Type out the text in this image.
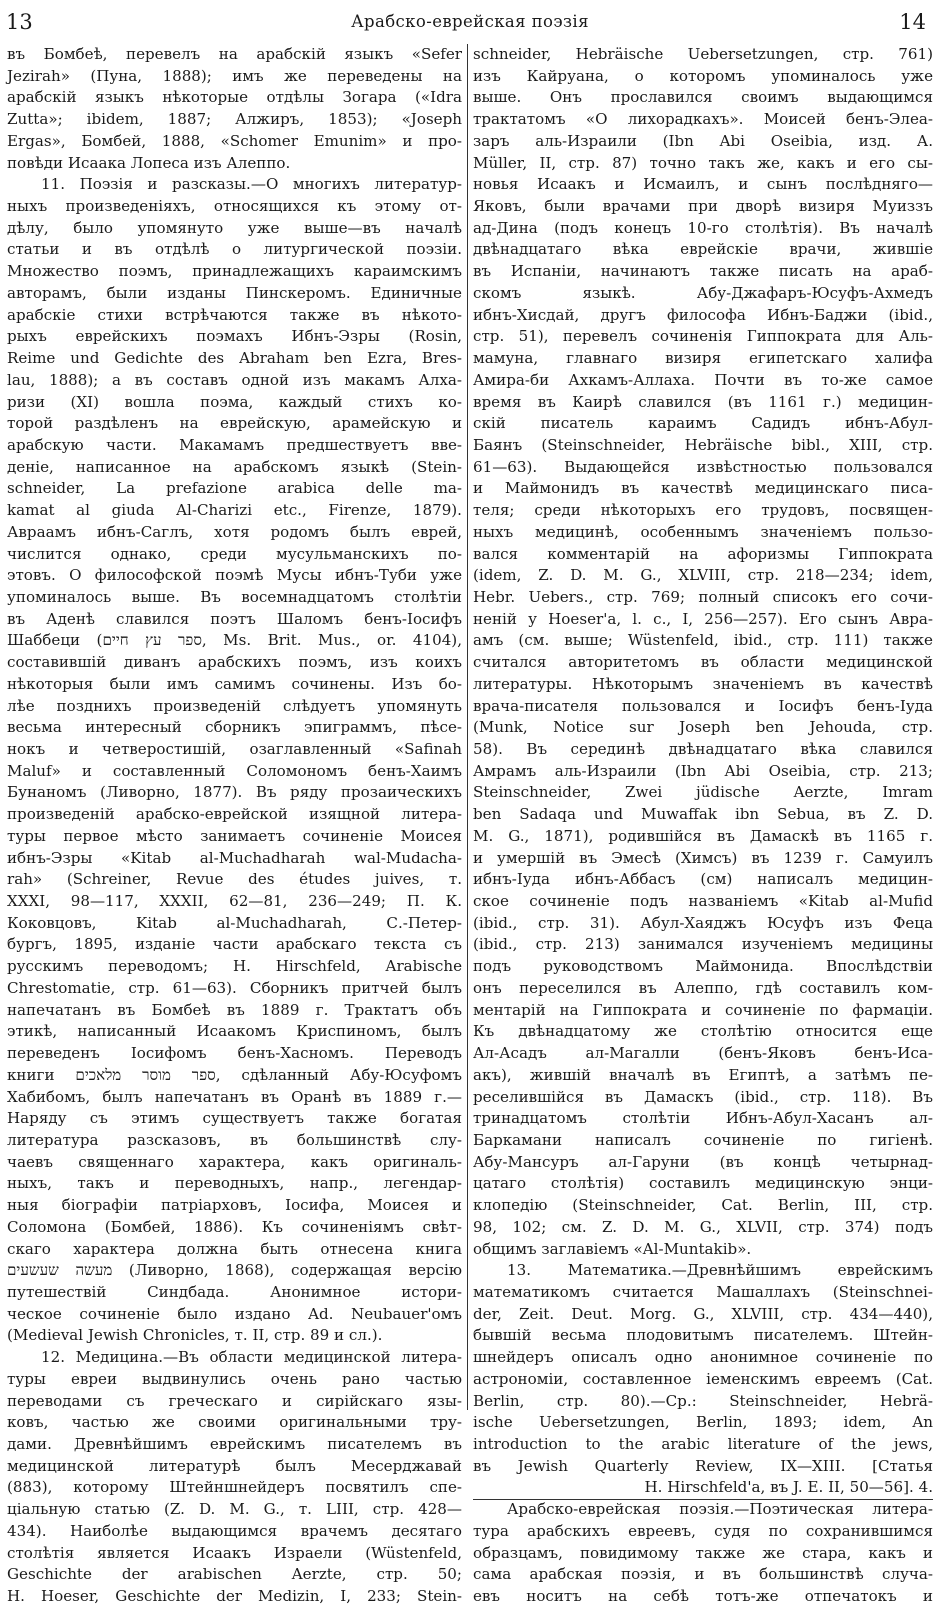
13	Арабско-еврейская поэзія	14
въ Бомбеѣ, перевелъ на арабскій языкъ «Sefer
Jezirah» (Пуна, 1888); имъ же переведены на
арабскій языкъ нѣкоторые отдѣлы Зогара («Idra
Zutta»; ibidem, 1887; Алжиръ, 1853); «Joseph
Ergas», Бомбей, 1888, «Schomer Emunim» и про-
повѣди Исаака Лопеса изъ Алеппо.
11. Поэзія и разсказы.—О многихъ литератур-
ныхъ произведеніяхъ, относящихся къ этому от-
дѣлу, было упомянуто уже выше—въ началѣ
статьи и въ отдѣлѣ о литургической поэзіи.
Множество поэмъ, принадлежащихъ караимскимъ
авторамъ, были изданы Пинскеромъ. Единичные
арабскіе стихи встрѣчаются также въ нѣкото-
рыхъ еврейскихъ поэмахъ Ибнъ-Эзры (Rosin,
Reime und Gedichte des Abraham ben Ezra, Bres-
lau, 1888); а въ составъ одной изъ макамъ Алха-
ризи (XI) вошла поэма, каждый стихъ ко-
торой раздѣленъ на еврейскую, арамейскую и
арабскую части. Макамамъ предшествуетъ вве-
деніе, написанное на арабскомъ языкѣ (Stein-
schneider, La prefazione arabica delle ma-
kamat al giuda Al-Charizi etc., Firenze, 1879).
Авраамъ ибнъ-Саглъ, хотя родомъ былъ еврей,
числится однако, среди мусульманскихъ по-
этовъ. О философской поэмѣ Мусы ибнъ-Туби уже
упоминалось выше. Въ восемнадцатомъ столѣтіи
въ Аденѣ славился поэтъ Шаломъ бенъ-Іосифъ
Шаббеци (ספר עץ חיים, Ms. Brit. Mus., or. 4104),
составившій диванъ арабскихъ поэмъ, изъ коихъ
нѣкоторыя были имъ самимъ сочинены. Изъ бо-
лѣе позднихъ произведеній слѣдуетъ упомянуть
весьма интересный сборникъ эпиграммъ, пѣсе-
нокъ и четверостишій, озаглавленный «Safinah
Maluf» и составленный Соломономъ бенъ-Хаимъ
Бунаномъ (Ливорно, 1877). Въ ряду прозаическихъ
произведеній арабско-еврейской изящной литера-
туры первое мѣсто занимаетъ сочиненіе Моисея
ибнъ-Эзры «Kitab al-Muchadharah wal-Mudacha-
rah» (Schreiner, Revue des études juives, т.
XXXI, 98—117, XXXII, 62—81, 236—249; П. К.
Коковцовъ, Kitab al-Muchadharah, С.-Петер-
бургъ, 1895, изданіе части арабскаго текста съ
русскимъ переводомъ; H. Hirschfeld, Arabische
Chrestomatie, стр. 61—63). Сборникъ притчей былъ
напечатанъ въ Бомбеѣ въ 1889 г. Трактатъ объ
этикѣ, написанный Исаакомъ Криспиномъ, былъ
переведенъ Іосифомъ бенъ-Хасномъ. Переводъ
книги ספר מוסר מלאכים, сдѣланный Абу-Юсуфомъ
Хабибомъ, былъ напечатанъ въ Оранѣ въ 1889 г.—
Наряду съ этимъ существуетъ также богатая
литература разсказовъ, въ большинствѣ слу-
чаевъ священнаго характера, какъ оригиналь-
ныхъ, такъ и переводныхъ, напр., легендар-
ныя біографіи патріарховъ, Іосифа, Моисея и
Соломона (Бомбей, 1886). Къ сочиненіямъ свѣт-
скаго характера должна быть отнесена книга
מעשה שעשעים (Ливорно, 1868), содержащая версію
путешествій Синдбада. Анонимное истори-
ческое сочиненіе было издано Ad. Neubauer'омъ
(Medieval Jewish Chronicles, т. II, стр. 89 и сл.).
12. Медицина.—Въ области медицинской литера-
туры евреи выдвинулись очень рано частью
переводами съ греческаго и сирійскаго язы-
ковъ, частью же своими оригинальными тру-
дами. Древнѣйшимъ еврейскимъ писателемъ въ
медицинской литературѣ былъ Месерджавай
(883), которому Штейншнейдеръ посвятилъ спе-
ціальную статью (Z. D. M. G., т. LIII, стр. 428—
434). Наиболѣе выдающимся врачемъ десятаго
столѣтія является Исаакъ Израели (Wüstenfeld,
Geschichte der arabischen Aerzte, стр. 50;
H. Hoeser, Geschichte der Medizin, I, 233; Stein-
schneider, Hebräische Uebersetzungen, стр. 761)
изъ Кайруана, о которомъ упоминалось уже
выше. Онъ прославился своимъ выдающимся
трактатомъ «О лихорадкахъ». Моисей бенъ-Элеа-
заръ аль-Израили (Ibn Abi Oseibia, изд. А.
Müller, II, стр. 87) точно такъ же, какъ и его сы-
новья Исаакъ и Исмаилъ, и сынъ послѣдняго—
Яковъ, были врачами при дворѣ визиря Муиззъ
ад-Дина (подъ конецъ 10-го столѣтія). Въ началѣ
двѣнадцатаго вѣка еврейскіе врачи, жившіе
въ Испаніи, начинаютъ также писать на араб-
скомъ языкѣ. Абу-Джафаръ-Юсуфъ-Ахмедъ
ибнъ-Хисдай, другъ философа Ибнъ-Баджи (ibid.,
стр. 51), перевелъ сочиненія Гиппократа для Аль-
мамуна, главнаго визиря египетскаго халифа
Амира-би Ахкамъ-Аллаха. Почти въ то-же самое
время въ Каирѣ славился (въ 1161 г.) медицин-
скій писатель караимъ Садидъ ибнъ-Абул-
Баянъ (Steinschneider, Hebräische bibl., XIII, стр.
61—63). Выдающейся извѣстностью пользовался
и Маймонидъ въ качествѣ медицинскаго писа-
теля; среди нѣкоторыхъ его трудовъ, посвящен-
ныхъ медицинѣ, особеннымъ значеніемъ пользо-
вался комментарій на афоризмы Гиппократа
(idem, Z. D. M. G., XLVIII, стр. 218—234; idem,
Hebr. Uebers., стр. 769; полный списокъ его сочи-
неній у Hoeser'a, l. c., I, 256—257). Его сынъ Авра-
амъ (см. выше; Wüstenfeld, ibid., стр. 111) также
считался авторитетомъ въ области медицинской
литературы. Нѣкоторымъ значеніемъ въ качествѣ
врача-писателя пользовался и Іосифъ бенъ-Іуда
(Munk, Notice sur Joseph ben Jehouda, стр.
58). Въ серединѣ двѣнадцатаго вѣка славился
Амрамъ аль-Израили (Ibn Abi Oseibia, стр. 213;
Steinschneider, Zwei jüdische Aerzte, Imram
ben Sadaqa und Muwaffak ibn Sebua, въ Z. D.
M. G., 1871), родившійся въ Дамаскѣ въ 1165 г.
и умершій въ Эмесѣ (Химсъ) въ 1239 г. Самуилъ
ибнъ-Іуда ибнъ-Аббасъ (см) написалъ медицин-
ское сочиненіе подъ названіемъ «Kitab al-Mufid
(ibid., стр. 31). Абул-Хаяджъ Юсуфъ изъ Феца
(ibid., стр. 213) занимался изученіемъ медицины
подъ руководствомъ Маймонида. Впослѣдствіи
онъ переселился въ Алеппо, гдѣ составилъ ком-
ментарій на Гиппократа и сочиненіе по фармаціи.
Къ двѣнадцатому же столѣтію относится еще
Ал-Асадъ ал-Магалли (бенъ-Яковъ бенъ-Иса-
акъ), жившій вначалѣ въ Египтѣ, а затѣмъ пе-
реселившійся въ Дамаскъ (ibid., стр. 118). Въ
тринадцатомъ столѣтіи Ибнъ-Абул-Хасанъ ал-
Баркамани написалъ сочиненіе по гигіенѣ.
Абу-Мансуръ ал-Гаруни (въ концѣ четырнад-
цатаго столѣтія) составилъ медицинскую энци-
клопедію (Steinschneider, Cat. Berlin, III, стр.
98, 102; см. Z. D. M. G., XLVII, стр. 374) подъ
общимъ заглавіемъ «Al-Muntakib».
13. Математика.—Древнѣйшимъ еврейскимъ
математикомъ считается Машаллахъ (Steinschnei-
der, Zeit. Deut. Morg. G., XLVIII, стр. 434—440),
бывшій весьма плодовитымъ писателемъ. Штейн-
шнейдеръ описалъ одно анонимное сочиненіе по
астрономіи, составленное іеменскимъ евреемъ (Cat.
Berlin, стр. 80).—Ср.: Steinschneider, Hebrä-
ische Uebersetzungen, Berlin, 1893; idem, An
introduction to the arabic literature of the jews,
въ Jewish Quarterly Review, IX—XIII. [Статья
H. Hirschfeld'a, въ J. E. II, 50—56]. 4.
Арабско-еврейская поэзія.—Поэтическая литера-
тура арабскихъ евреевъ, судя по сохранившимся
образцамъ, повидимому также же стара, какъ и
сама арабская поэзія, и въ большинствѣ случа-
евъ носитъ на себѣ тотъ-же отпечатокъ и
